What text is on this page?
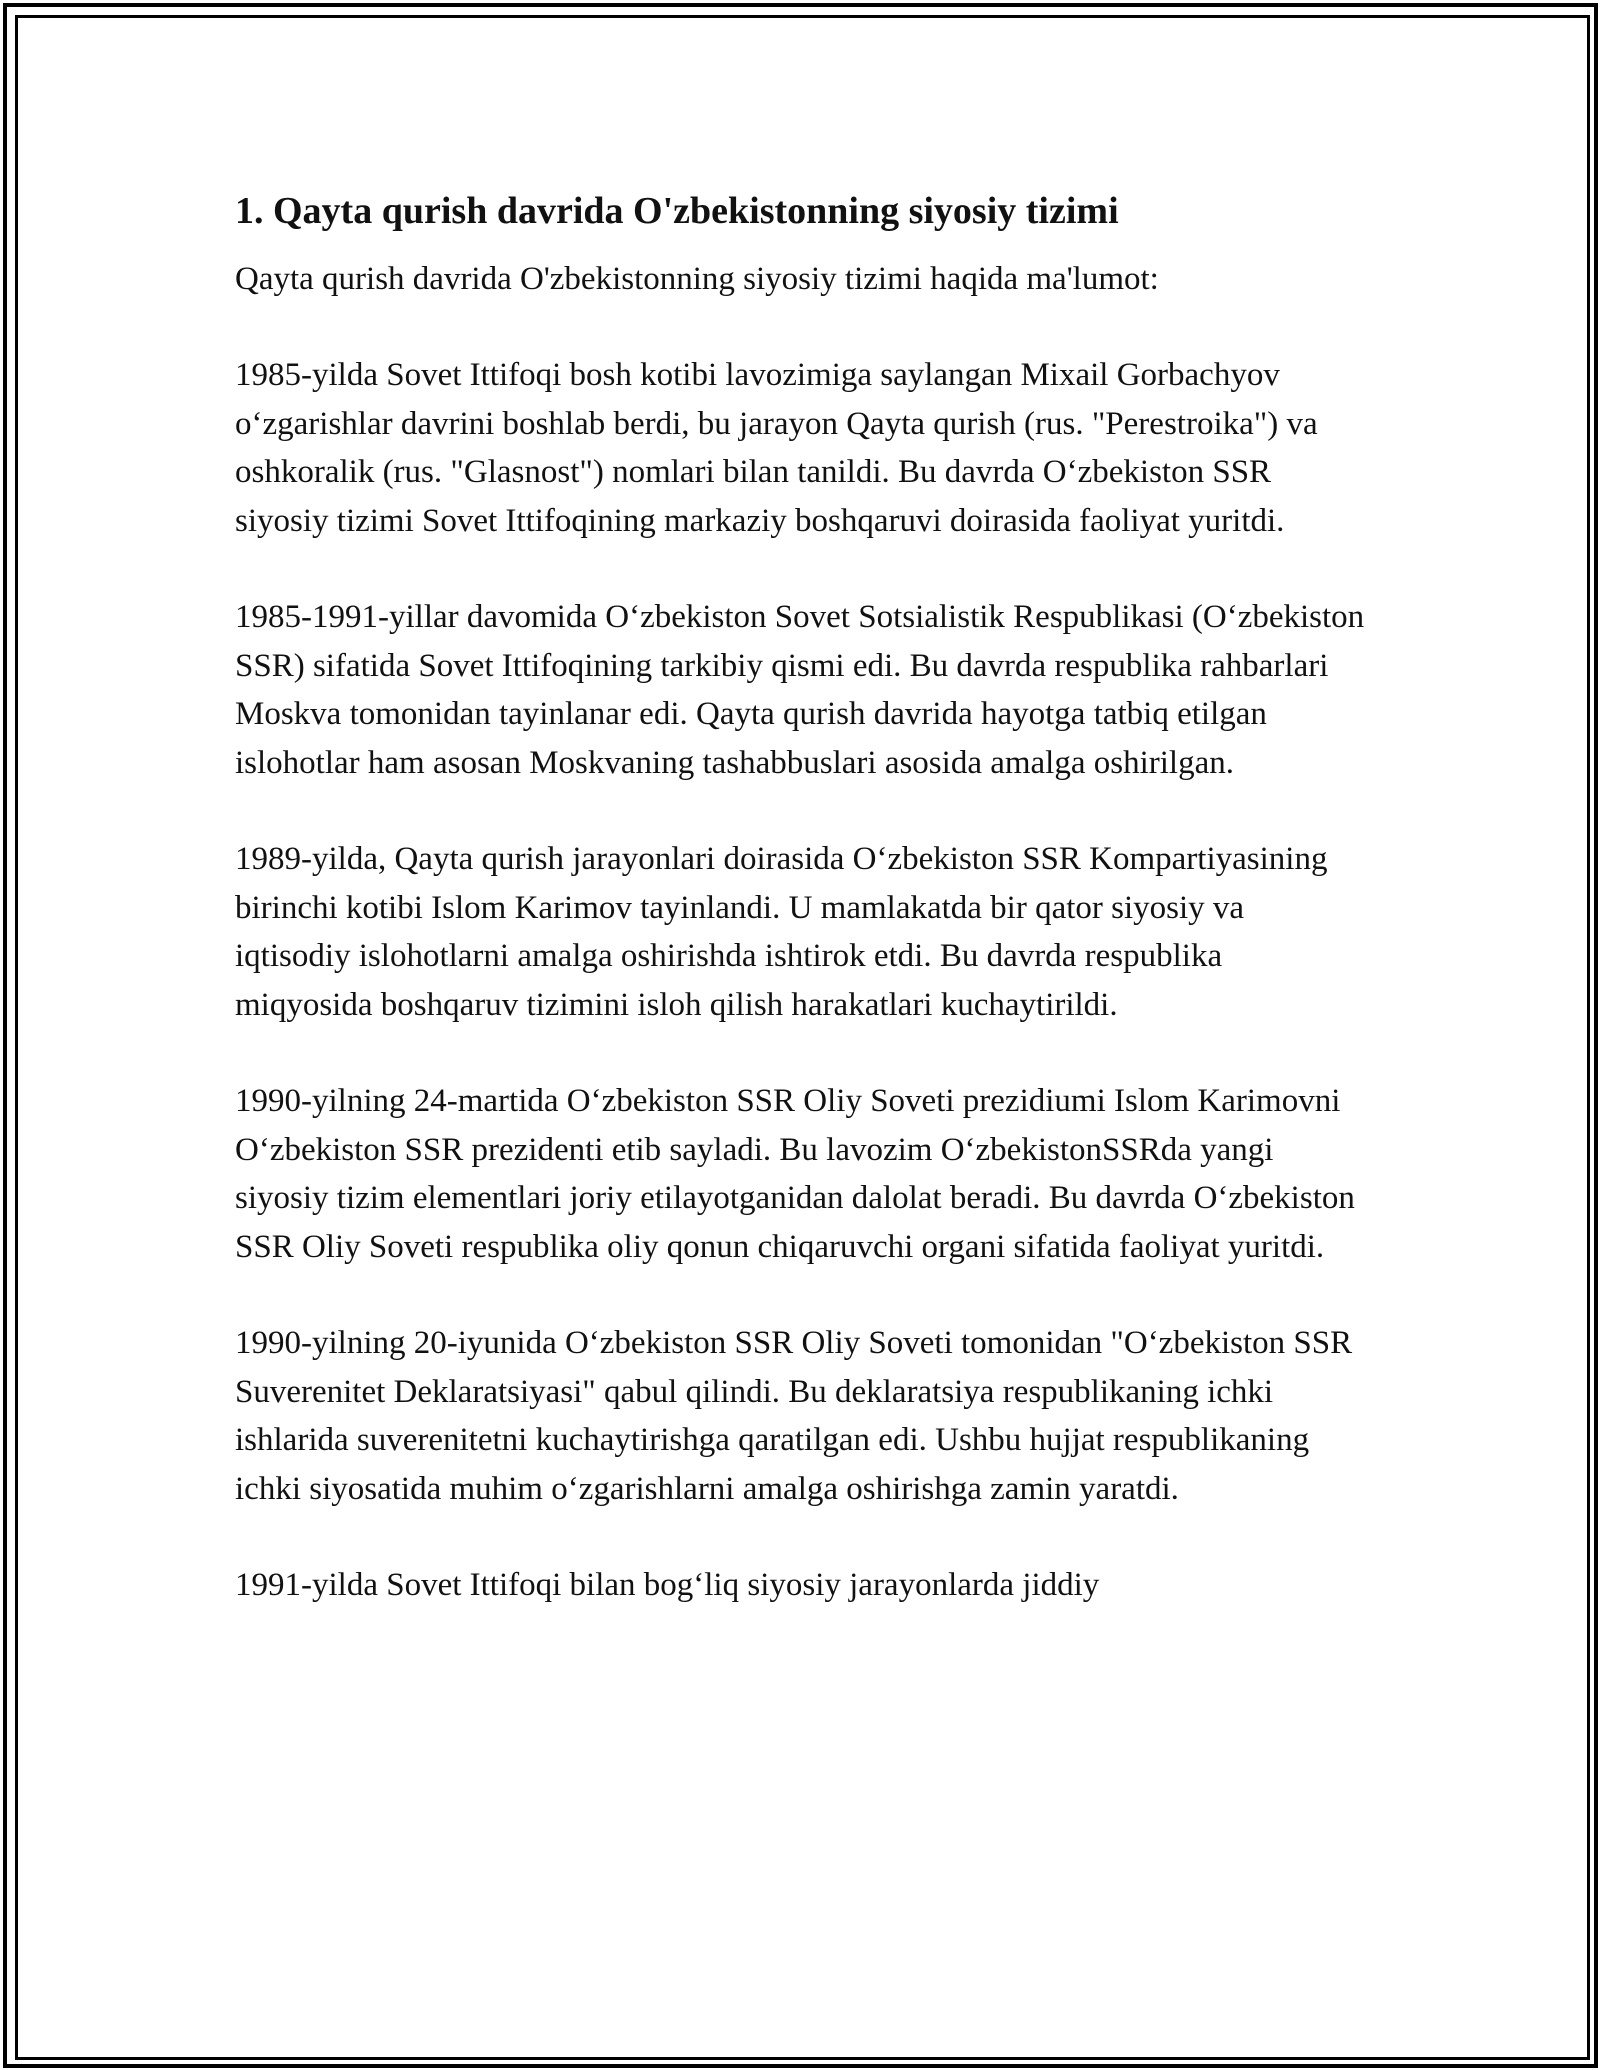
1. Qayta qurish davrida O'zbekistonning siyosiy tizimi

Qayta qurish davrida O'zbekistonning siyosiy tizimi haqida ma'lumot:

1985-yilda Sovet Ittifoqi bosh kotibi lavozimiga saylangan Mixail Gorbachyov o‘zgarishlar davrini boshlab berdi, bu jarayon Qayta qurish (rus. "Perestroika") va oshkoralik (rus. "Glasnost") nomlari bilan tanildi. Bu davrda O‘zbekiston SSR siyosiy tizimi Sovet Ittifoqining markaziy boshqaruvi doirasida faoliyat yuritdi.

1985-1991-yillar davomida O‘zbekiston Sovet Sotsialistik Respublikasi (O‘zbekiston SSR) sifatida Sovet Ittifoqining tarkibiy qismi edi. Bu davrda respublika rahbarlari Moskva tomonidan tayinlanar edi. Qayta qurish davrida hayotga tatbiq etilgan islohotlar ham asosan Moskvaning tashabbuslari asosida amalga oshirilgan.

1989-yilda, Qayta qurish jarayonlari doirasida O‘zbekiston SSR Kompartiyasining birinchi kotibi Islom Karimov tayinlandi. U mamlakatda bir qator siyosiy va iqtisodiy islohotlarni amalga oshirishda ishtirok etdi. Bu davrda respublika miqyosida boshqaruv tizimini isloh qilish harakatlari kuchaytirildi.

1990-yilning 24-martida O‘zbekiston SSR Oliy Soveti prezidiumi Islom Karimovni O‘zbekiston SSR prezidenti etib sayladi. Bu lavozim O‘zbekistonSSRda yangi siyosiy tizim elementlari joriy etilayotganidan dalolat beradi. Bu davrda O‘zbekiston SSR Oliy Soveti respublika oliy qonun chiqaruvchi organi sifatida faoliyat yuritdi.

1990-yilning 20-iyunida O‘zbekiston SSR Oliy Soveti tomonidan "O‘zbekiston SSR Suverenitet Deklaratsiyasi" qabul qilindi. Bu deklaratsiya respublikaning ichki ishlarida suverenitetni kuchaytirishga qaratilgan edi. Ushbu hujjat respublikaning ichki siyosatida muhim o‘zgarishlarni amalga oshirishga zamin yaratdi.

1991-yilda Sovet Ittifoqi bilan bog‘liq siyosiy jarayonlarda jiddiy
